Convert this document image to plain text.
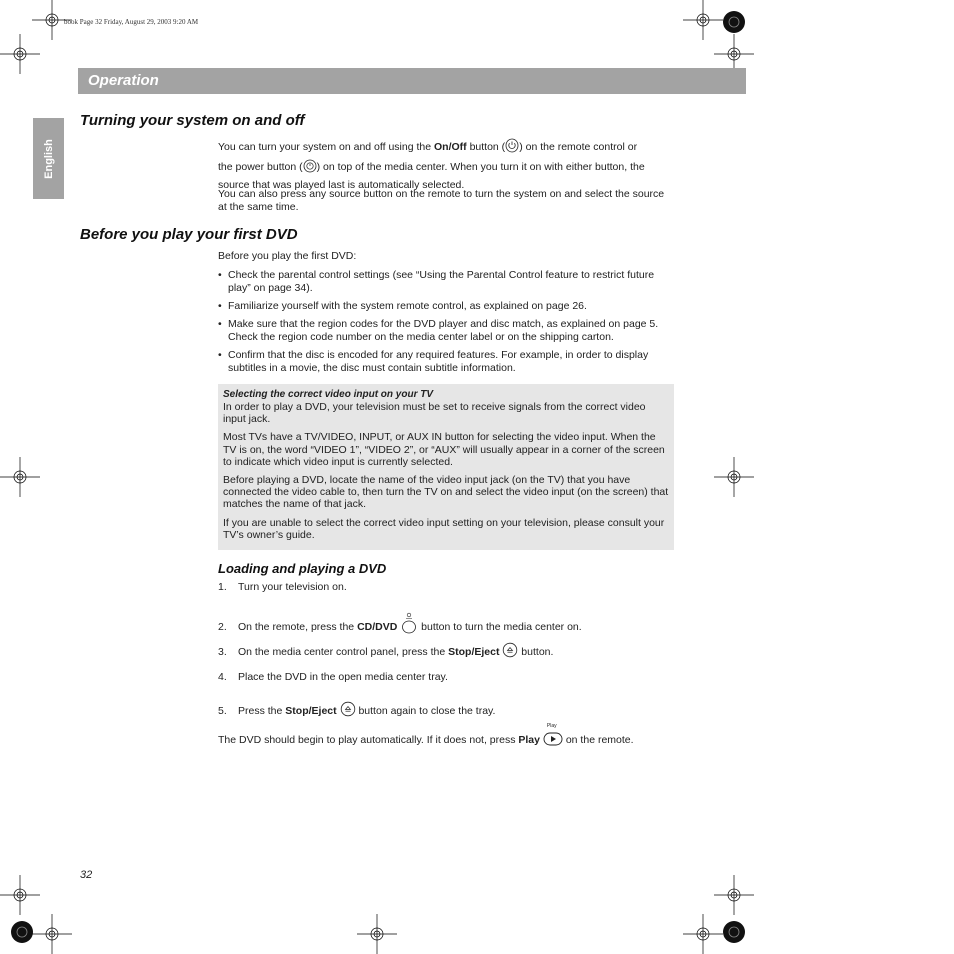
book Page 32 Friday, August 29, 2003 9:20 AM
Operation
English
Turning your system on and off
You can turn your system on and off using the On/Off button ( ) on the remote control or
the power button ( ) on top of the media center. When you turn it on with either button, the
source that was played last is automatically selected.
You can also press any source button on the remote to turn the system on and select the source at the same time.
Before you play your first DVD
Before you play the first DVD:
• Check the parental control settings (see “Using the Parental Control feature to restrict future play” on page 34).
• Familiarize yourself with the system remote control, as explained on page 26.
• Make sure that the region codes for the DVD player and disc match, as explained on page 5. Check the region code number on the media center label or on the shipping carton.
• Confirm that the disc is encoded for any required features. For example, in order to display subtitles in a movie, the disc must contain subtitle information.
Selecting the correct video input on your TV
In order to play a DVD, your television must be set to receive signals from the correct video input jack.
Most TVs have a TV/VIDEO, INPUT, or AUX IN button for selecting the video input. When the TV is on, the word “VIDEO 1”, “VIDEO 2”, or “AUX” will usually appear in a corner of the screen to indicate which video input is currently selected.
Before playing a DVD, locate the name of the video input jack (on the TV) that you have connected the video cable to, then turn the TV on and select the video input (on the screen) that matches the name of that jack.
If you are unable to select the correct video input setting on your television, please consult your TV’s owner’s guide.
Loading and playing a DVD
1. Turn your television on.
2. On the remote, press the CD/DVD  button to turn the media center on.
3. On the media center control panel, press the Stop/Eject  button.
4. Place the DVD in the open media center tray.
5. Press the Stop/Eject  button again to close the tray.
The DVD should begin to play automatically. If it does not, press Play
Play
on the remote.
32
